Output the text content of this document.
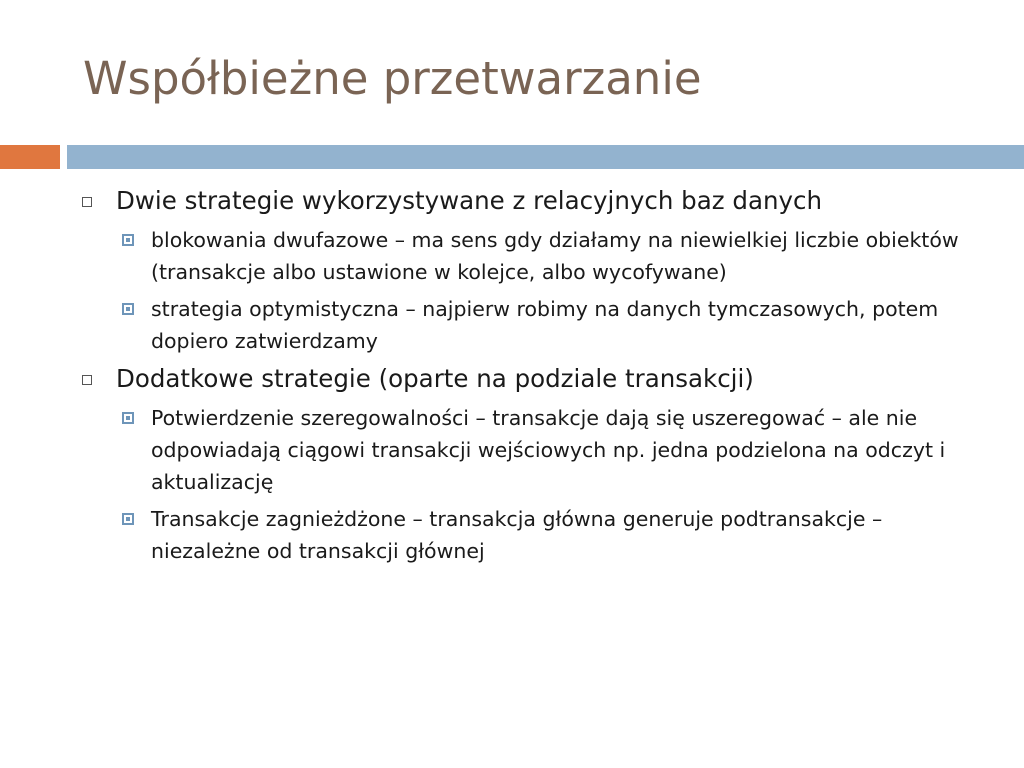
Współbieżne przetwarzanie
Dwie strategie wykorzystywane z relacyjnych baz danych
blokowania dwufazowe – ma sens gdy działamy na niewielkiej liczbie obiektów (transakcje albo ustawione w kolejce, albo wycofywane)
strategia optymistyczna – najpierw robimy na danych tymczasowych, potem dopiero zatwierdzamy
Dodatkowe strategie (oparte na podziale transakcji)
Potwierdzenie szeregowalności – transakcje dają się uszeregować – ale nie odpowiadają ciągowi transakcji wejściowych np. jedna podzielona na odczyt i aktualizację
Transakcje zagnieżdżone – transakcja główna generuje podtransakcje – niezależne od transakcji głównej
